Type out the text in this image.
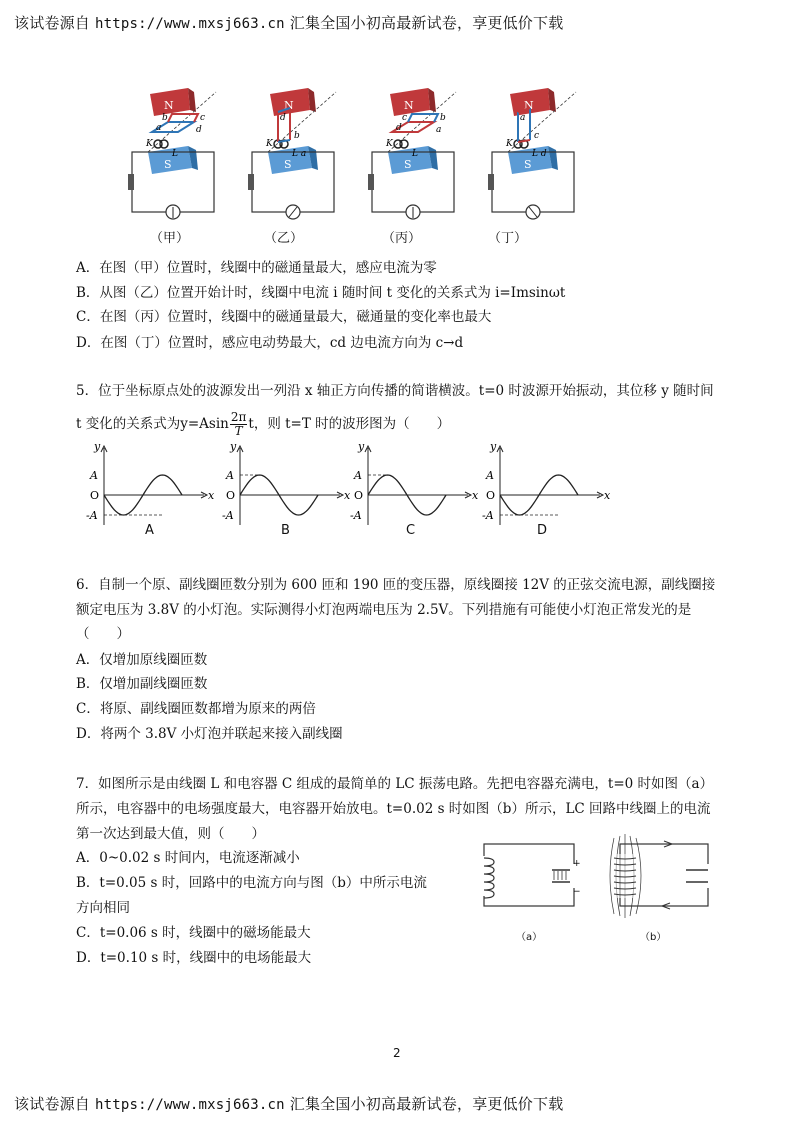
该试卷源自 https://www.mxsj663.cn 汇集全国小初高最新试卷，享更低价下载
a
b	c
d
K
L
d
b
K
L a
d
c	b
a
K
L
a
c
K
L d
（甲）	（乙）	（丙）	（丁）
A．在图（甲）位置时，线圈中的磁通量最大，感应电流为零
B．从图（乙）位置开始计时，线圈中电流 i 随时间 t 变化的关系式为 i=Imsinωt
C．在图（丙）位置时，线圈中的磁通量最大，磁通量的变化率也最大
D．在图（丁）位置时，感应电动势最大，cd 边电流方向为 c→d
5．位于坐标原点处的波源发出一列沿 x 轴正方向传播的简谐横波。t=0 时波源开始振动，其位移 y 随时间
t 变化的关系式为$y=Asin \frac{2\pi}{T}$ t，则 t=T 时的波形图为（　　）
y
x
A
O
-A
y
x
A
O
-A
y
x
A
O
-A
y
x
A
O
-A
A	B	C	D
6．自制一个原、副线圈匝数分别为 600 匝和 190 匝的变压器，原线圈接 12V 的正弦交流电源，副线圈接
额定电压为 3.8V 的小灯泡。实际测得小灯泡两端电压为 2.5V。下列措施有可能使小灯泡正常发光的是
（　　）
A．仅增加原线圈匝数
B．仅增加副线圈匝数
C．将原、副线圈匝数都增为原来的两倍
D．将两个 3.8V 小灯泡并联起来接入副线圈
7．如图所示是由线圈 L 和电容器 C 组成的最简单的 LC 振荡电路。先把电容器充满电，t=0 时如图（a）
所示，电容器中的电场强度最大，电容器开始放电。t=0.02 s 时如图（b）所示，LC 回路中线圈上的电流
第一次达到最大值，则（　　）
A．0~0.02 s 时间内，电流逐渐减小
B．t=0.05 s 时，回路中的电流方向与图（b）中所示电流
方向相同
C．t=0.06 s 时，线圈中的磁场能最大
D．t=0.10 s 时，线圈中的电场能最大
+
−
（a）	（b）
2
该试卷源自 https://www.mxsj663.cn 汇集全国小初高最新试卷，享更低价下载
